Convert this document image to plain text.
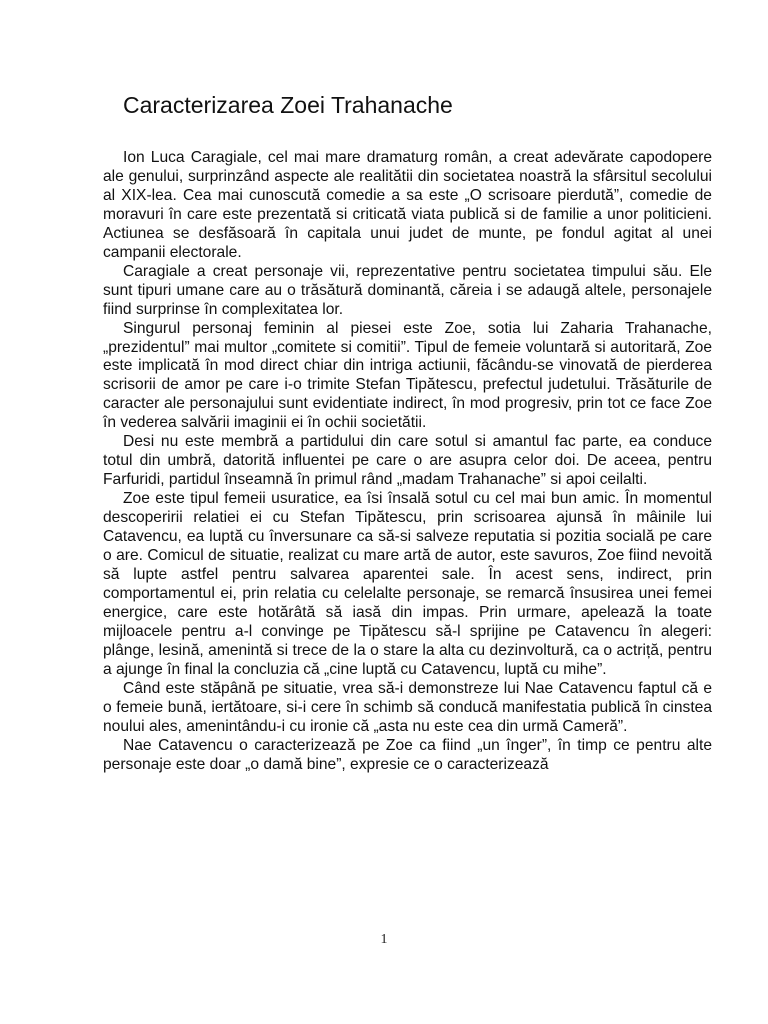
Caracterizarea Zoei Trahanache

Ion Luca Caragiale, cel mai mare dramaturg român, a creat adevărate capodopere ale genului, surprinzând aspecte ale realitătii din societatea noastră la sfârsitul secolului al XIX-lea. Cea mai cunoscută comedie a sa este „O scrisoare pierdută”, comedie de moravuri în care este prezentată si criticată viata publică si de familie a unor politicieni. Actiunea se desfăsoară în capitala unui judet de munte, pe fondul agitat al unei campanii electorale.

Caragiale a creat personaje vii, reprezentative pentru societatea timpului său. Ele sunt tipuri umane care au o trăsătură dominantă, căreia i se adaugă altele, personajele fiind surprinse în complexitatea lor.

Singurul personaj feminin al piesei este Zoe, sotia lui Zaharia Trahanache, „prezidentul” mai multor „comitete si comitii”. Tipul de femeie voluntară si autoritară, Zoe este implicată în mod direct chiar din intriga actiunii, făcându-se vinovată de pierderea scrisorii de amor pe care i-o trimite Stefan Tipătescu, prefectul judetului. Trăsăturile de caracter ale personajului sunt evidentiate indirect, în mod progresiv, prin tot ce face Zoe în vederea salvării imaginii ei în ochii societătii.

Desi nu este membră a partidului din care sotul si amantul fac parte, ea conduce totul din umbră, datorită influentei pe care o are asupra celor doi. De aceea, pentru Farfuridi, partidul înseamnă în primul rând „madam Trahanache” si apoi ceilalti.

Zoe este tipul femeii usuratice, ea îsi însală sotul cu cel mai bun amic. În momentul descoperirii relatiei ei cu Stefan Tipătescu, prin scrisoarea ajunsă în mâinile lui Catavencu, ea luptă cu înversunare ca să-si salveze reputatia si pozitia socială pe care o are. Comicul de situatie, realizat cu mare artă de autor, este savuros, Zoe fiind nevoită să lupte astfel pentru salvarea aparentei sale. În acest sens, indirect, prin comportamentul ei, prin relatia cu celelalte personaje, se remarcă însusirea unei femei energice, care este hotărâtă să iasă din impas. Prin urmare, apelează la toate mijloacele pentru a-l convinge pe Tipătescu să-l sprijine pe Catavencu în alegeri: plânge, lesină, amenintă si trece de la o stare la alta cu dezinvoltură, ca o actriță, pentru a ajunge în final la concluzia că „cine luptă cu Catavencu, luptă cu mihe”.

Când este stăpână pe situatie, vrea să-i demonstreze lui Nae Catavencu faptul că e o femeie bună, iertătoare, si-i cere în schimb să conducă manifestatia publică în cinstea noului ales, amenintându-i cu ironie că „asta nu este cea din urmă Cameră”.

Nae Catavencu o caracterizează pe Zoe ca fiind „un înger”, în timp ce pentru alte personaje este doar „o damă bine”, expresie ce o caracterizează

1
